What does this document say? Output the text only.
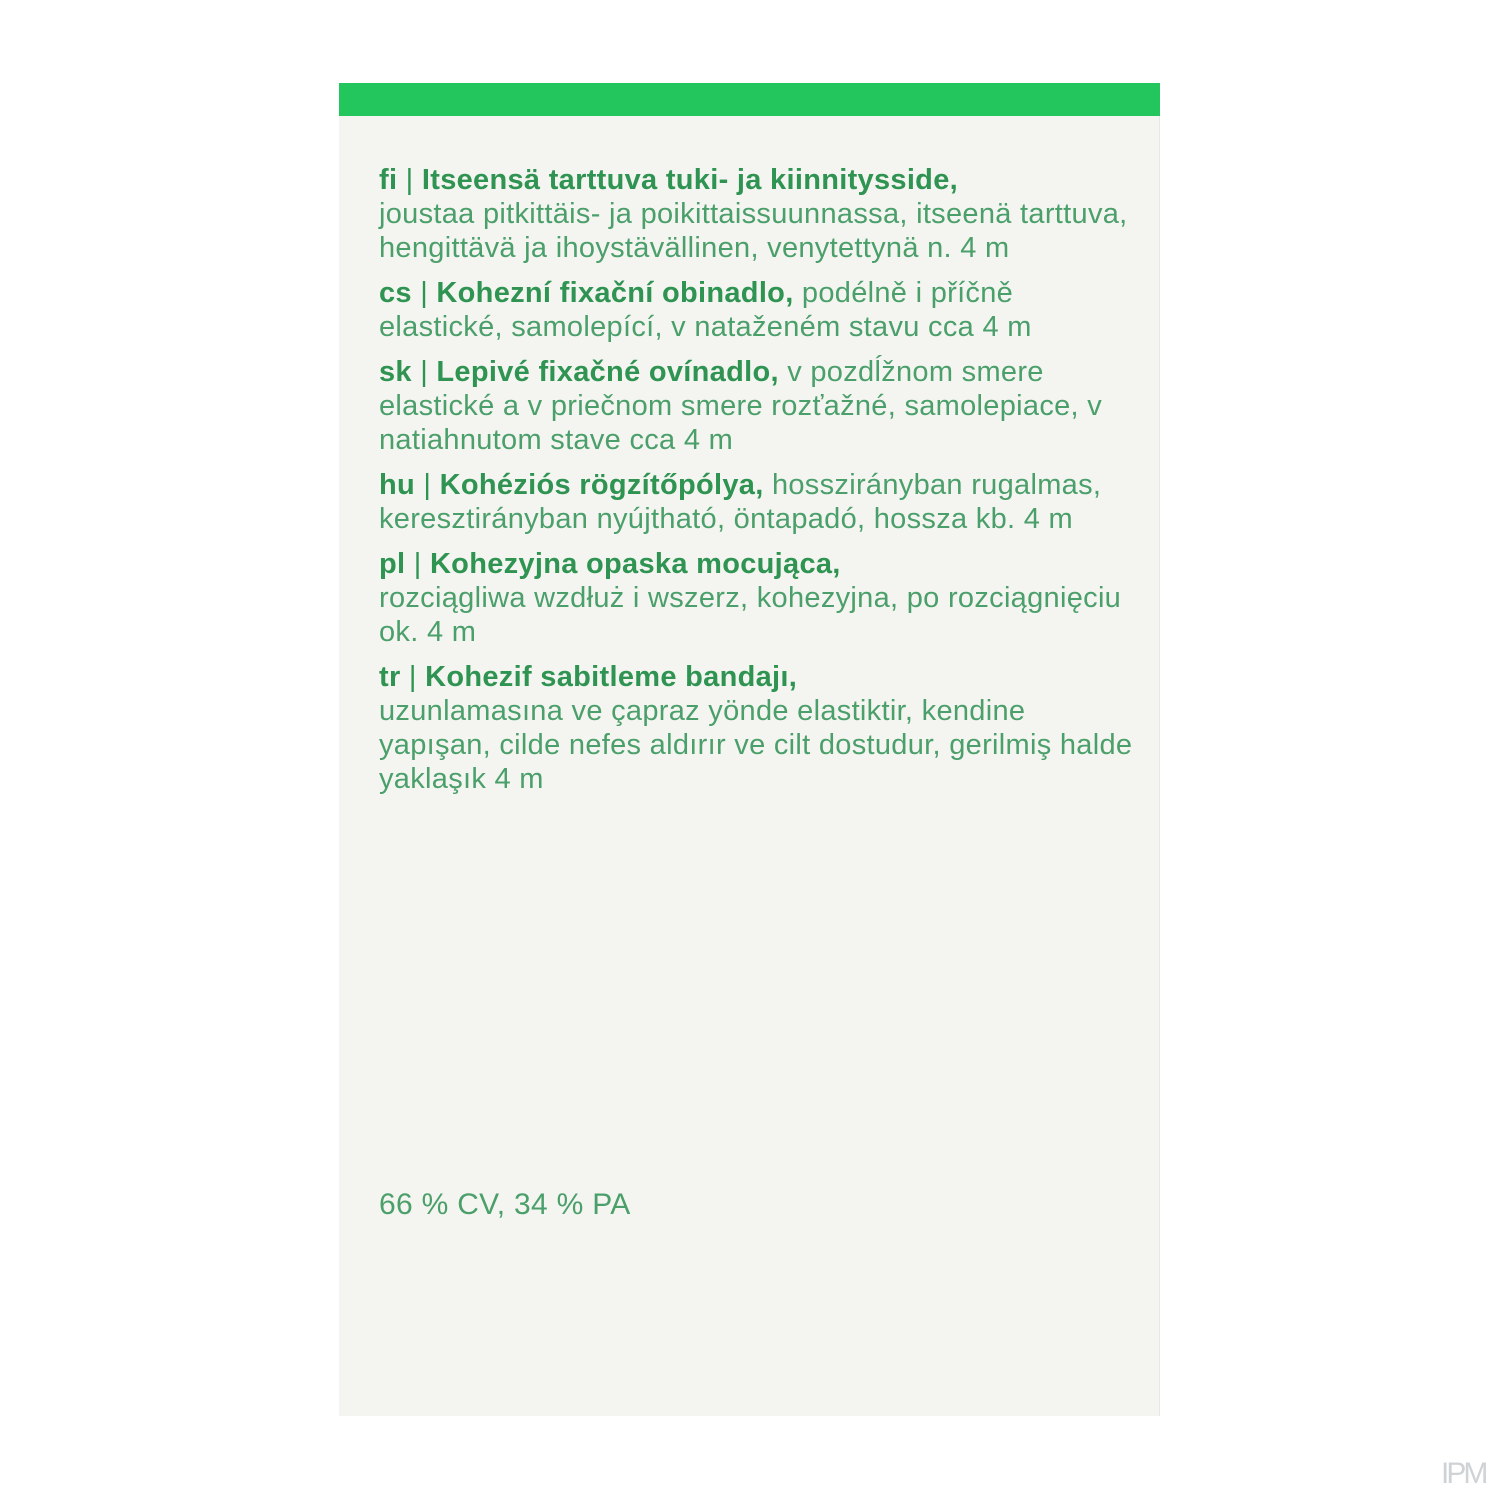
fi | Itseensä tarttuva tuki- ja kiinnitysside,
joustaa pitkittäis- ja poikittaissuunnassa, itseenä tarttuva, hengittävä ja ihoystävällinen, venytettynä n. 4 m
cs | Kohezní fixační obinadlo, podélně i příčně elastické, samolepící, v nataženém stavu cca 4 m
sk | Lepivé fixačné ovínadlo, v pozdĺžnom smere elastické a v priečnom smere rozťažné, samolepiace, v natiahnutom stave cca 4 m
hu | Kohéziós rögzítőpólya, hosszirányban rugalmas, keresztirányban nyújtható, öntapadó, hossza kb. 4 m
pl | Kohezyjna opaska mocująca,
rozciągliwa wzdłuż i wszerz, kohezyjna, po rozciągnięciu ok. 4 m
tr | Kohezif sabitleme bandajı,
uzunlamasına ve çapraz yönde elastiktir, kendine yapışan, cilde nefes aldırır ve cilt dostudur, gerilmiş halde yaklaşık 4 m
66 % CV, 34 % PA
IPM
